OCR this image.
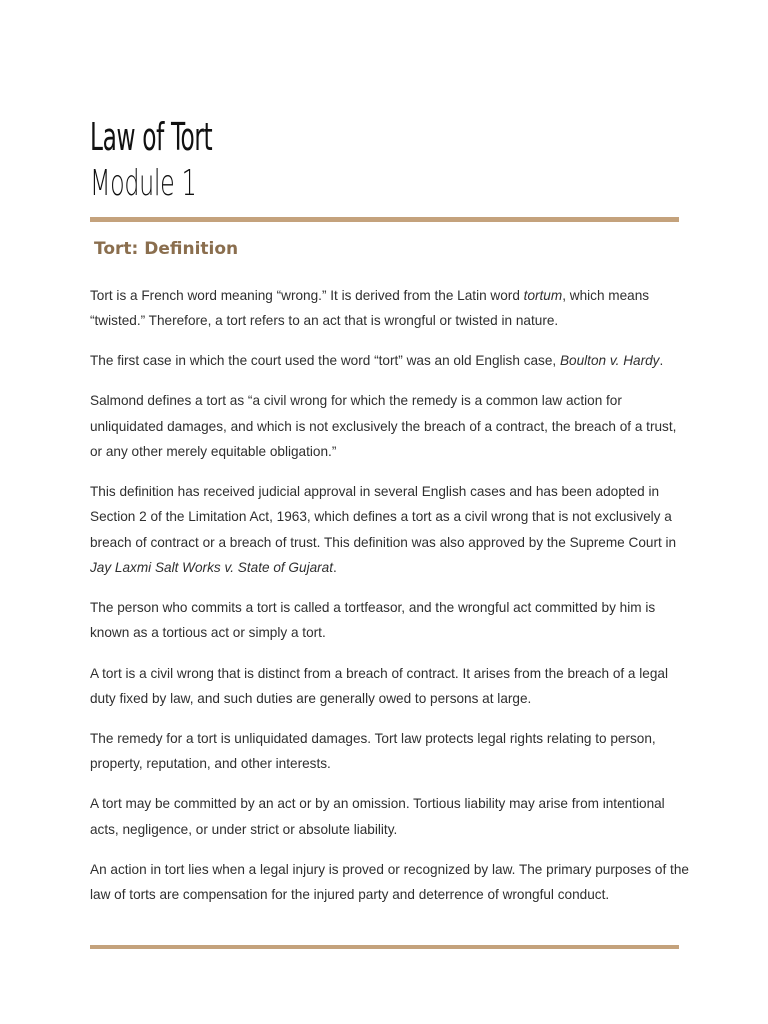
Law of Tort
Module 1
Tort: Definition

Tort is a French word meaning “wrong.” It is derived from the Latin word tortum, which means “twisted.” Therefore, a tort refers to an act that is wrongful or twisted in nature.

The first case in which the court used the word “tort” was an old English case, Boulton v. Hardy.

Salmond defines a tort as “a civil wrong for which the remedy is a common law action for unliquidated damages, and which is not exclusively the breach of a contract, the breach of a trust, or any other merely equitable obligation.”

This definition has received judicial approval in several English cases and has been adopted in Section 2 of the Limitation Act, 1963, which defines a tort as a civil wrong that is not exclusively a breach of contract or a breach of trust. This definition was also approved by the Supreme Court in Jay Laxmi Salt Works v. State of Gujarat.

The person who commits a tort is called a tortfeasor, and the wrongful act committed by him is known as a tortious act or simply a tort.

A tort is a civil wrong that is distinct from a breach of contract. It arises from the breach of a legal duty fixed by law, and such duties are generally owed to persons at large.

The remedy for a tort is unliquidated damages. Tort law protects legal rights relating to person, property, reputation, and other interests.

A tort may be committed by an act or by an omission. Tortious liability may arise from intentional acts, negligence, or under strict or absolute liability.

An action in tort lies when a legal injury is proved or recognized by law. The primary purposes of the law of torts are compensation for the injured party and deterrence of wrongful conduct.
